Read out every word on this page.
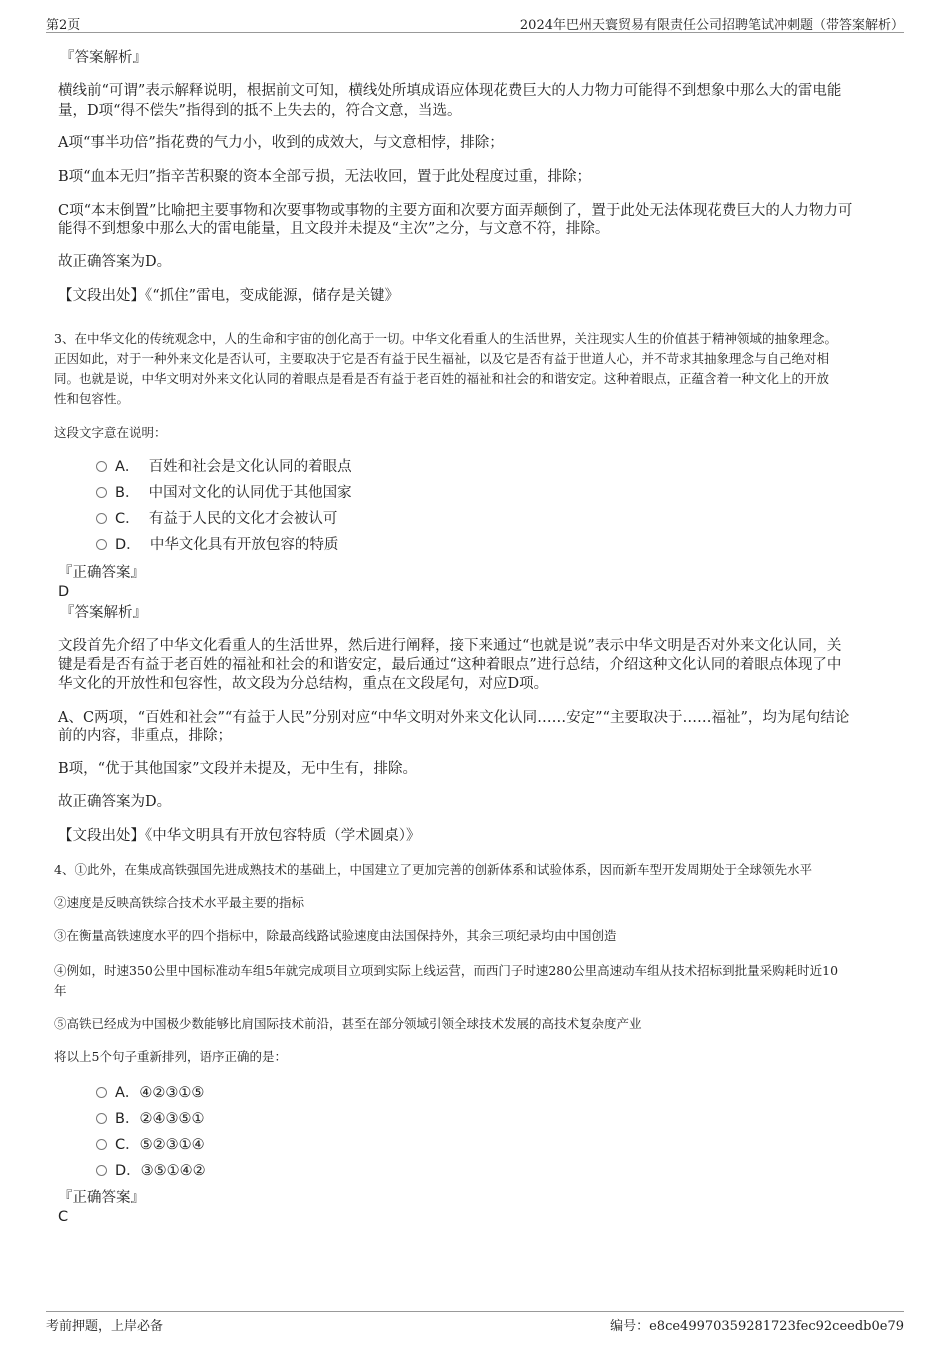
第2页	2024年巴州天寰贸易有限责任公司招聘笔试冲刺题（带答案解析）
『答案解析』
横线前“可谓”表示解释说明，根据前文可知，横线处所填成语应体现花费巨大的人力物力可能得不到想象中那么大的雷电能
量，D项“得不偿失”指得到的抵不上失去的，符合文意，当选。
A项“事半功倍”指花费的气力小，收到的成效大，与文意相悖，排除；
B项“血本无归”指辛苦积聚的资本全部亏损，无法收回，置于此处程度过重，排除；
C项“本末倒置”比喻把主要事物和次要事物或事物的主要方面和次要方面弄颠倒了，置于此处无法体现花费巨大的人力物力可
能得不到想象中那么大的雷电能量，且文段并未提及“主次”之分，与文意不符，排除。
故正确答案为D。
【文段出处】《“抓住”雷电，变成能源，储存是关键》
3、在中华文化的传统观念中，人的生命和宇宙的创化高于一切。中华文化看重人的生活世界，关注现实人生的价值甚于精神领域的抽象理念。
正因如此，对于一种外来文化是否认可，主要取决于它是否有益于民生福祉，以及它是否有益于世道人心，并不苛求其抽象理念与自己绝对相
同。也就是说，中华文明对外来文化认同的着眼点是看是否有益于老百姓的福祉和社会的和谐安定。这种着眼点，正蕴含着一种文化上的开放
性和包容性。
这段文字意在说明：
A． 百姓和社会是文化认同的着眼点
B． 中国对文化的认同优于其他国家
C． 有益于人民的文化才会被认可
D． 中华文化具有开放包容的特质
『正确答案』
D
『答案解析』
文段首先介绍了中华文化看重人的生活世界，然后进行阐释，接下来通过“也就是说”表示中华文明是否对外来文化认同，关
键是看是否有益于老百姓的福祉和社会的和谐安定，最后通过“这种着眼点”进行总结，介绍这种文化认同的着眼点体现了中
华文化的开放性和包容性，故文段为分总结构，重点在文段尾句，对应D项。
A、C两项，“百姓和社会”“有益于人民”分别对应“中华文明对外来文化认同……安定”“主要取决于……福祉”，均为尾句结论
前的内容，非重点，排除；
B项，“优于其他国家”文段并未提及，无中生有，排除。
故正确答案为D。
【文段出处】《中华文明具有开放包容特质（学术圆桌）》
4、①此外，在集成高铁强国先进成熟技术的基础上，中国建立了更加完善的创新体系和试验体系，因而新车型开发周期处于全球领先水平
②速度是反映高铁综合技术水平最主要的指标
③在衡量高铁速度水平的四个指标中，除最高线路试验速度由法国保持外，其余三项纪录均由中国创造
④例如，时速350公里中国标准动车组5年就完成项目立项到实际上线运营，而西门子时速280公里高速动车组从技术招标到批量采购耗时近10
年
⑤高铁已经成为中国极少数能够比肩国际技术前沿，甚至在部分领域引领全球技术发展的高技术复杂度产业
将以上5个句子重新排列，语序正确的是：
A．④②③①⑤
B．②④③⑤①
C．⑤②③①④
D．③⑤①④②
『正确答案』
C
考前押题，上岸必备	编号：e8ce49970359281723fec92ceedb0e79
